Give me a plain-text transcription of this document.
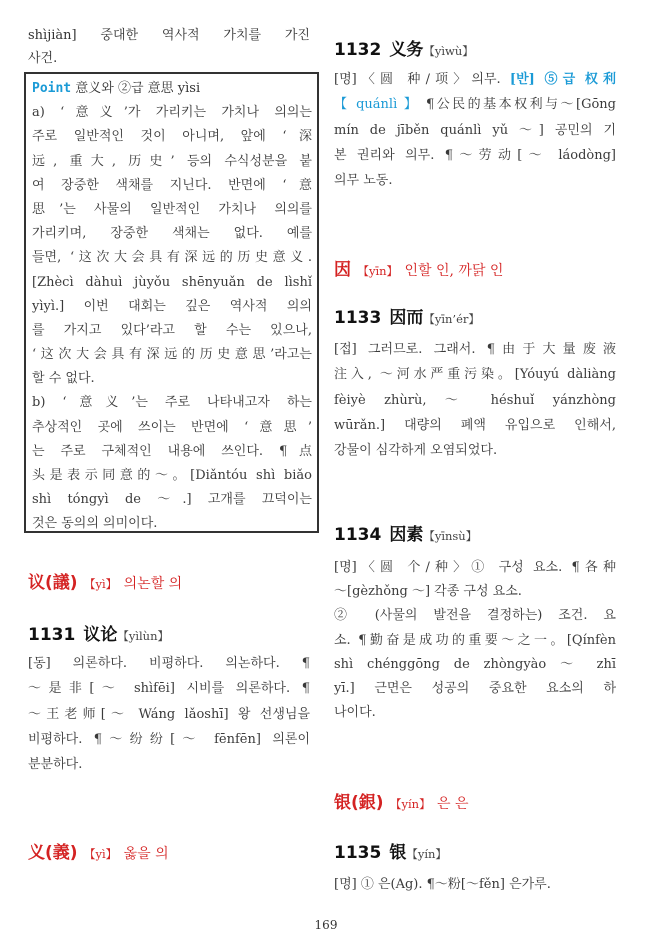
shìjiàn] 중대한 역사적 가치를 가진
사건.
Point 意义와 ②급 意思 yìsi
a) ‘意义’가 가리키는 가치나 의의는
주로 일반적인 것이 아니며, 앞에 ‘深
远, 重大, 历史’ 등의 수식성분을 붙
여 장중한 색채를 지닌다. 반면에 ‘意
思’는 사물의 일반적인 가치나 의의를
가리키며, 장중한 색채는 없다. 예를
들면, ‘这次大会具有深远的历史意义.
[Zhècì dàhuì jùyǒu shēnyuǎn de lìshǐ
yìyì.] 이번 대회는 깊은 역사적 의의
를 가지고 있다’라고 할 수는 있으나,
‘这次大会具有深远的历史意思’라고는
할 수 없다.
b) ‘意义’는 주로 나타내고자 하는
추상적인 곳에 쓰이는 반면에 ‘意思’
는 주로 구체적인 내용에 쓰인다. ¶点
头是表示同意的～。[Diǎntóu shì biǎo
shì tóngyì de ～.] 고개를 끄덕이는
것은 동의의 의미이다.
议(議) 【yì】 의논할 의
1131 议论【yìlùn】
[동] 의론하다. 비평하다. 의논하다. ¶
～是非[～ shìfēi] 시비를 의론하다. ¶
～王老师[～ Wáng lǎoshī] 왕 선생님을
비평하다. ¶～纷纷[～ fēnfēn] 의론이
분분하다.
义(義) 【yì】 옳을 의
1132 义务【yìwù】
[명]〈圆 种/项〉의무. [반] ⑤급 权利
【 quánlì 】 ¶公民的基本权利与～[Gōng
mín de jīběn quánlì yǔ ～] 공민의 기
본 권리와 의무. ¶～劳动[～ láodòng]
의무 노동.
因 【yīn】 인할 인, 까닭 인
1133 因而【yīn’ér】
[접] 그러므로. 그래서. ¶由于大量废液
注入, ～河水严重污染。[Yóuyú dàliàng
fèiyè zhùrù, ～ héshuǐ yánzhòng
wūrǎn.] 대량의 폐액 유입으로 인해서,
강물이 심각하게 오염되었다.
1134 因素【yīnsù】
[명]〈圆 个/种〉① 구성 요소. ¶各种
～[gèzhǒng ～] 각종 구성 요소.
② (사물의 발전을 결정하는) 조건. 요
소. ¶勤奋是成功的重要～之一。[Qínfèn
shì chénggōng de zhòngyào ～ zhī
yī.] 근면은 성공의 중요한 요소의 하
나이다.
银(銀) 【yín】 은 은
1135 银【yín】
[명] ① 은(Ag). ¶～粉[～fěn] 은가루.
169
